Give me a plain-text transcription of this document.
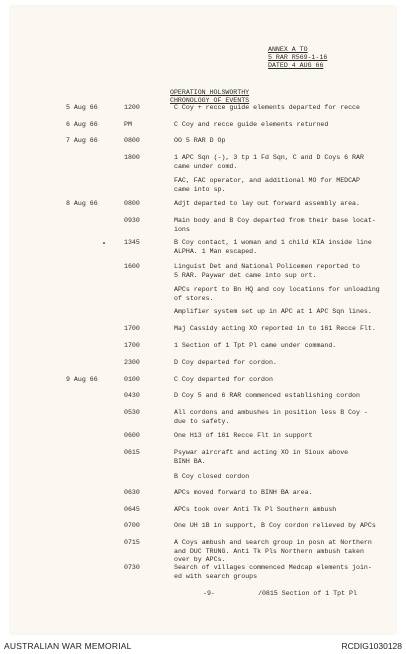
ANNEX A TO
5 RAR R569-1-16
DATED 4 AUG 66
OPERATION HOLSWORTHY
CHRONOLOGY OF EVENTS
5 Aug 66	1200	C Coy + recce guide elements departed for recce
6 Aug 66	PM	C Coy and recce guide elements returned
7 Aug 66	0800	OO 5 RAR D Op
1800	1 APC Sqn (-), 3 tp 1 Fd Sqn, C and D Coys 6 RAR
came under comd.
FAC, FAC operator, and additional MO for MEDCAP
came into sp.
8 Aug 66	0800	Adjt departed to lay out forward assembly area.
0930	Main body and B Coy departed from their base locat-
ions
1345	B Coy contact, 1 woman and 1 child KIA inside line
ALPHA. 1 Man escaped.
1600	Linguist Det and National Policemen reported to
5 RAR. Paywar det came into sup ort.
APCs report to Bn HQ and coy locations for unloading
of stores.
Amplifier system set up in APC at 1 APC Sqn lines.
1700	Maj Cassidy acting XO reported in to 161 Recce Flt.
1700	1 Section of 1 Tpt Pl came under command.
2300	D Coy departed for cordon.
9 Aug 66	0100	C Coy departed for cordon
0430	D Coy 5 and 6 RAR commenced establishing cordon
0530	All cordons and ambushes in position less B Coy -
due to safety.
0600	One H13 of 161 Recce Flt in support
0615	Psywar aircraft and acting XO in Sioux above
BINH BA.
B Coy closed cordon
0630	APCs moved forward to BINH BA area.
0645	APCs took over Anti Tk Pl Southern ambush
0700	One UH 1B in support, B Coy cordon relieved by APCs
0715	A Coys ambush and search group in posn at Northern
and DUC TRUNG. Anti Tk Pls Northern ambush taken
over by APCs.
0730	Search of villages commenced Medcap elements join-
ed with search groups
-9-	/0815 Section of 1 Tpt Pl
AUSTRALIAN WAR MEMORIAL	RCDIG1030128
